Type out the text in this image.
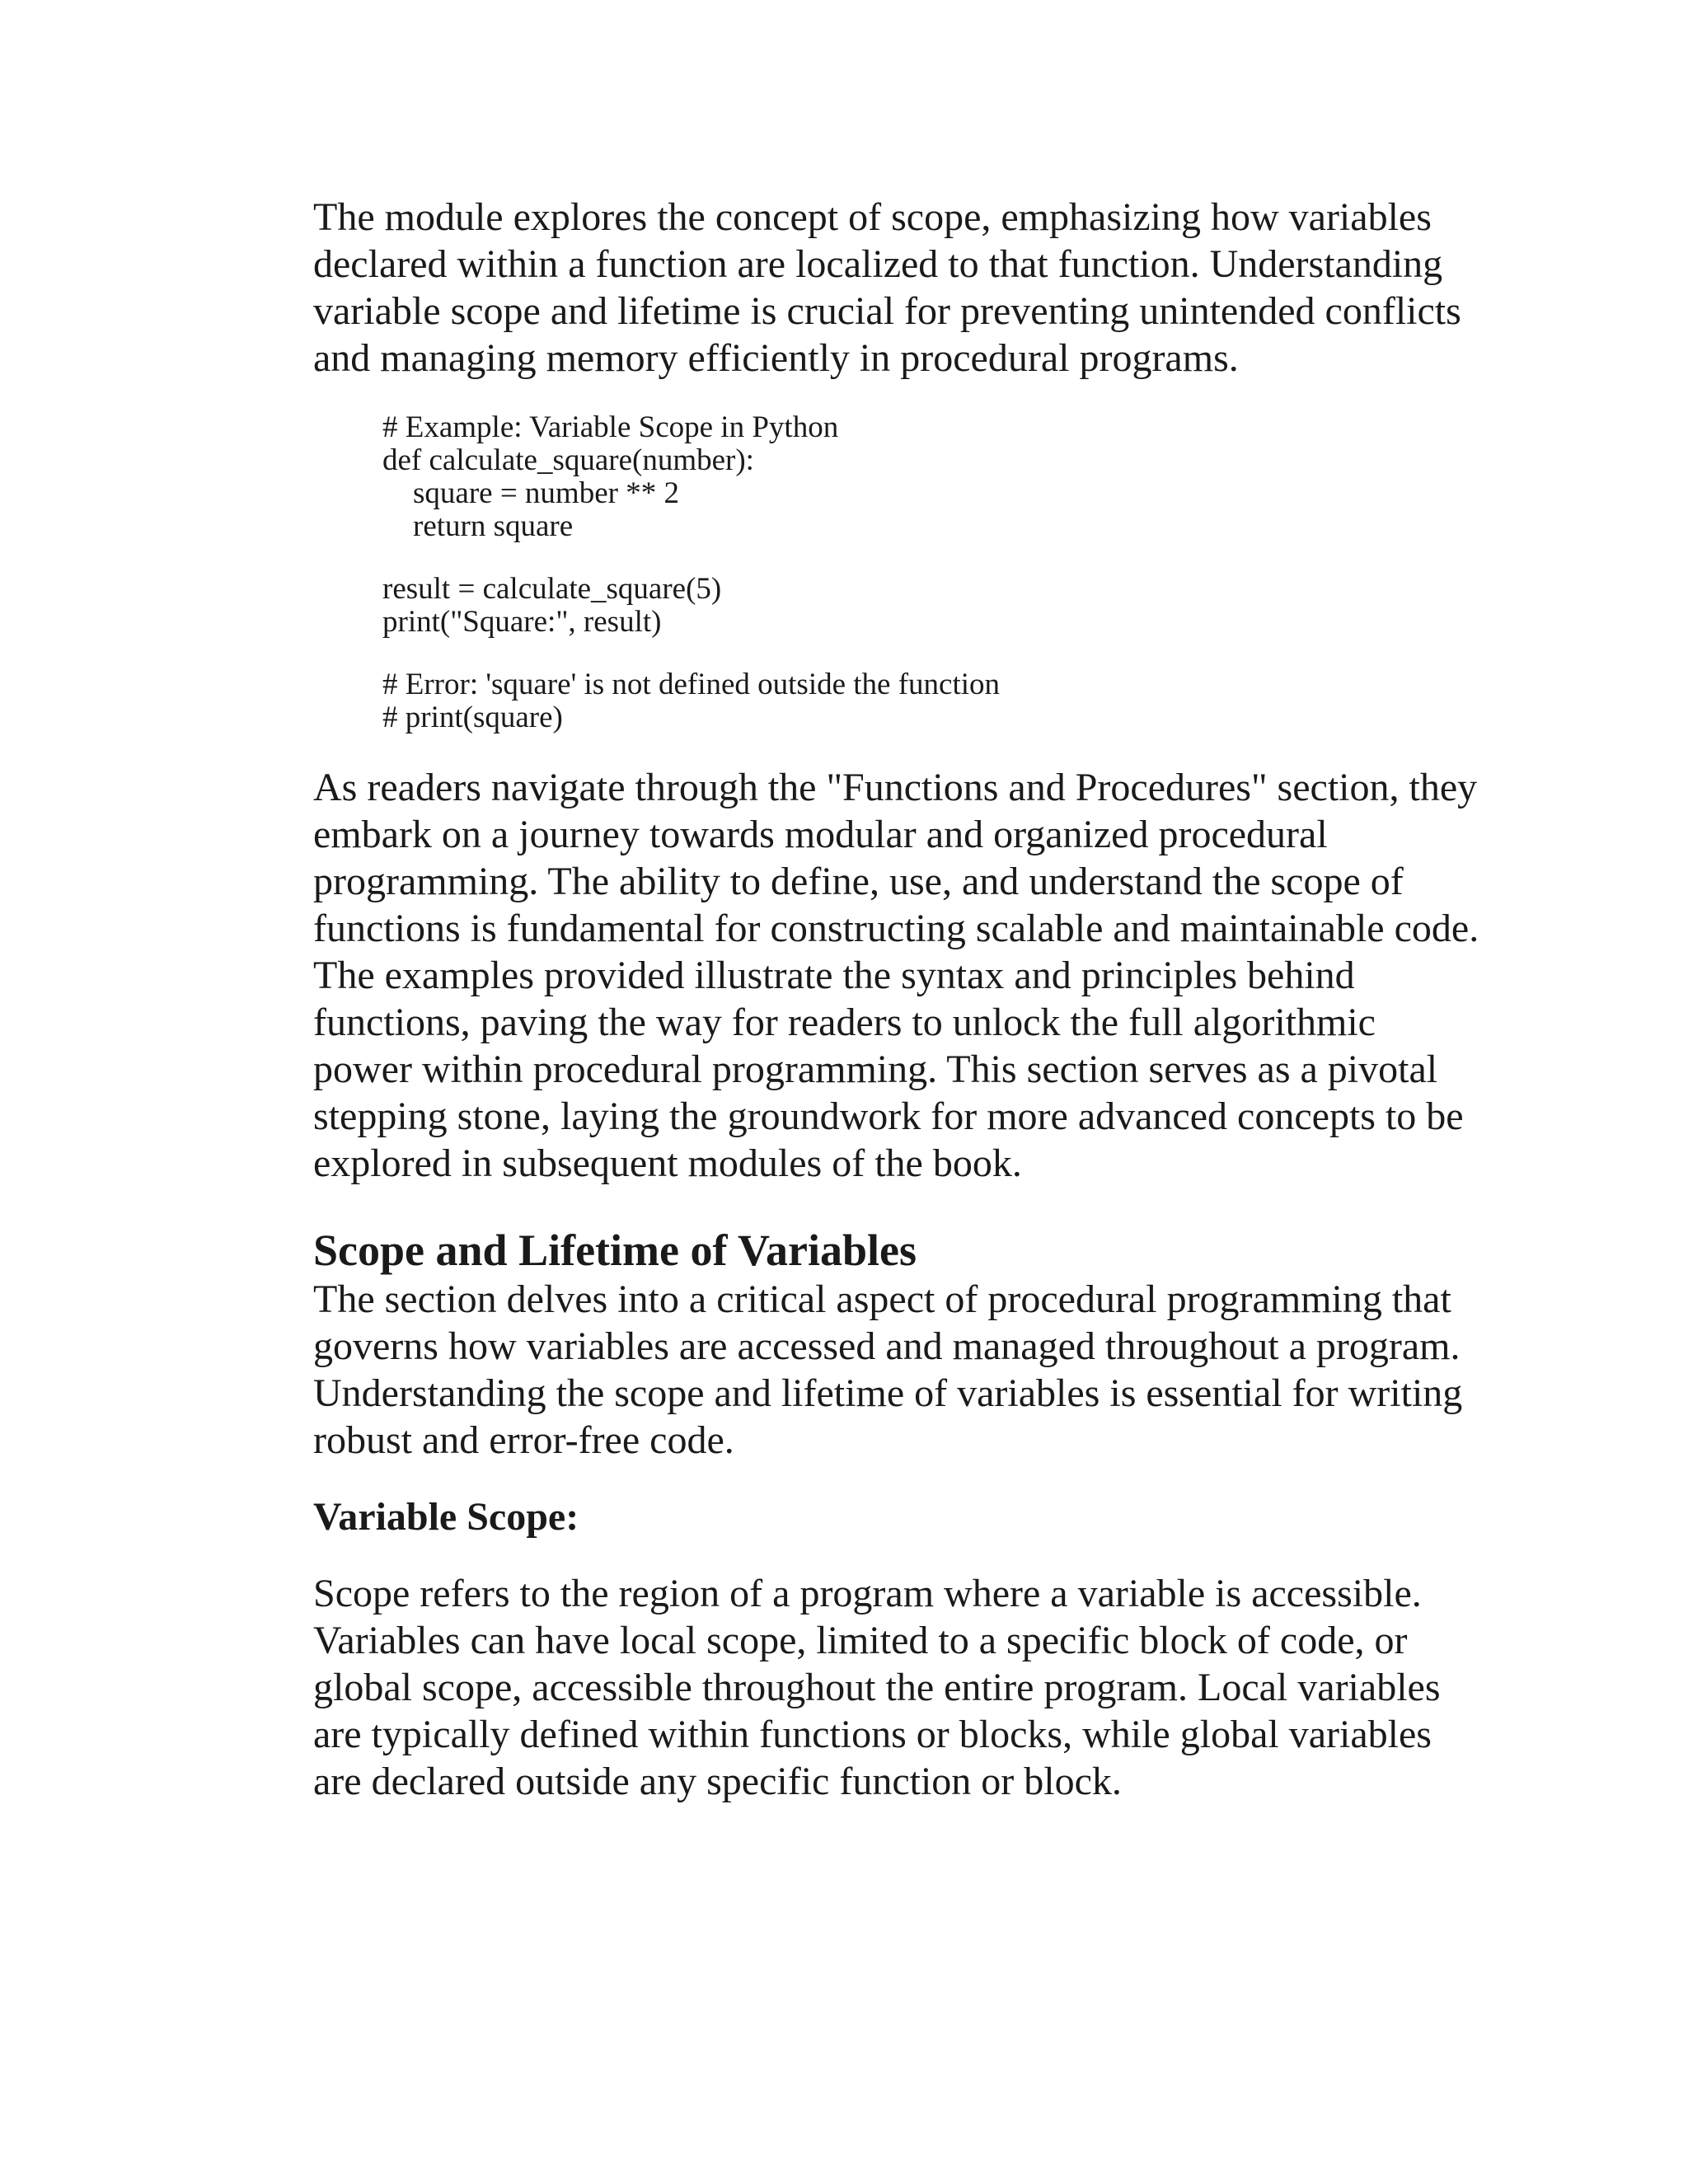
The module explores the concept of scope, emphasizing how variables declared within a function are localized to that function. Understanding variable scope and lifetime is crucial for preventing unintended conflicts and managing memory efficiently in procedural programs.

# Example: Variable Scope in Python
def calculate_square(number):
square = number ** 2
return square
result = calculate_square(5)
print("Square:", result)
# Error: 'square' is not defined outside the function
# print(square)

As readers navigate through the "Functions and Procedures" section, they embark on a journey towards modular and organized procedural programming. The ability to define, use, and understand the scope of functions is fundamental for constructing scalable and maintainable code. The examples provided illustrate the syntax and principles behind functions, paving the way for readers to unlock the full algorithmic power within procedural programming. This section serves as a pivotal stepping stone, laying the groundwork for more advanced concepts to be explored in subsequent modules of the book.

Scope and Lifetime of Variables

The section delves into a critical aspect of procedural programming that governs how variables are accessed and managed throughout a program. Understanding the scope and lifetime of variables is essential for writing robust and error-free code.

Variable Scope:

Scope refers to the region of a program where a variable is accessible. Variables can have local scope, limited to a specific block of code, or global scope, accessible throughout the entire program. Local variables are typically defined within functions or blocks, while global variables are declared outside any specific function or block.
